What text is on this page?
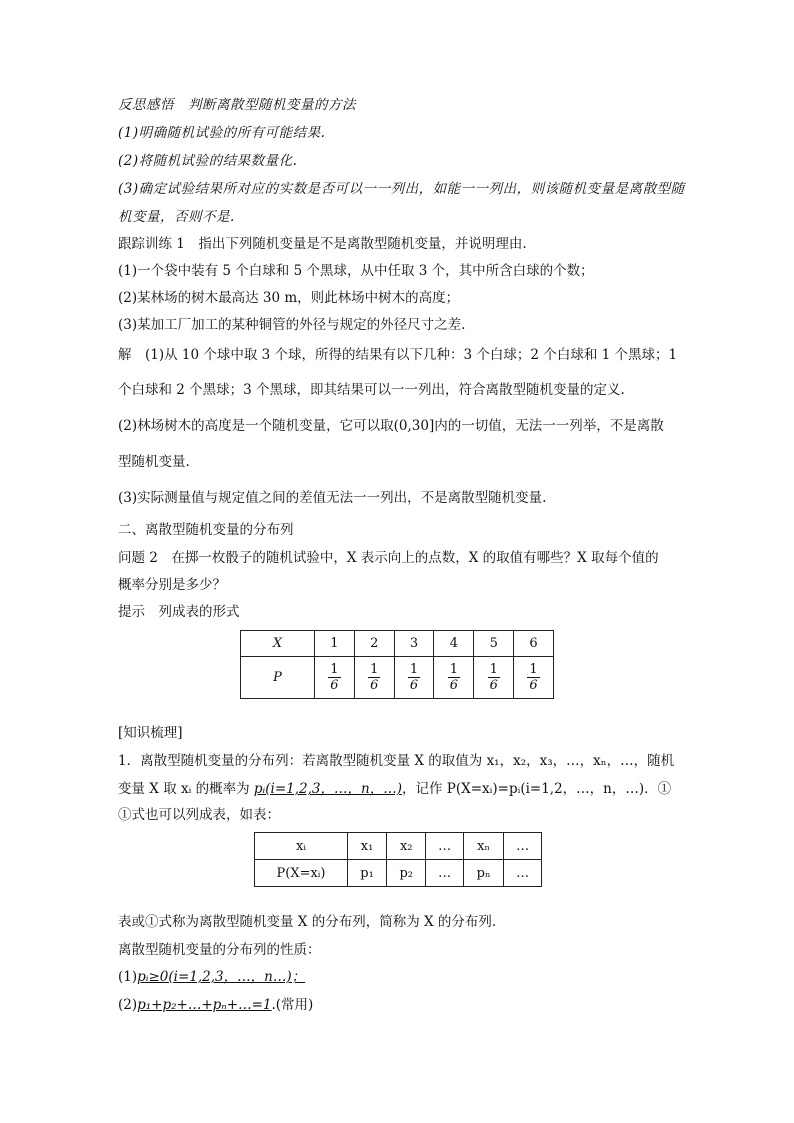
反思感悟　判断离散型随机变量的方法
(1)明确随机试验的所有可能结果.
(2)将随机试验的结果数量化.
(3)确定试验结果所对应的实数是否可以一一列出，如能一一列出，则该随机变量是离散型随
机变量，否则不是.
跟踪训练 1　指出下列随机变量是不是离散型随机变量，并说明理由.
(1)一个袋中装有 5 个白球和 5 个黑球，从中任取 3 个，其中所含白球的个数；
(2)某林场的树木最高达 30 m，则此林场中树木的高度；
(3)某加工厂加工的某种铜管的外径与规定的外径尺寸之差.
解　(1)从 10 个球中取 3 个球，所得的结果有以下几种：3 个白球；2 个白球和 1 个黑球；1
个白球和 2 个黑球；3 个黑球，即其结果可以一一列出，符合离散型随机变量的定义.
(2)林场树木的高度是一个随机变量，它可以取(0,30]内的一切值，无法一一列举，不是离散
型随机变量.
(3)实际测量值与规定值之间的差值无法一一列出，不是离散型随机变量.
二、离散型随机变量的分布列
问题 2　在掷一枚骰子的随机试验中，X 表示向上的点数，X 的取值有哪些？X 取每个值的
概率分别是多少？
提示　列成表的形式
X	1	2	3	4	5	6
P	$\frac{1}{6}$	$\frac{1}{6}$	$\frac{1}{6}$	$\frac{1}{6}$	$\frac{1}{6}$	$\frac{1}{6}$
[知识梳理]
1．离散型随机变量的分布列：若离散型随机变量 X 的取值为 x₁，x₂，x₃，…，xₙ，…，随机
变量 X 取 xᵢ 的概率为 pᵢ(i=1,2,3，…，n，…)，记作 P(X=xᵢ)=pᵢ(i=1,2，…，n，…)．①
①式也可以列成表，如表：
xᵢ	x₁	x₂	…	xₙ	…
P(X=xᵢ)	p₁	p₂	…	pₙ	…
表或①式称为离散型随机变量 X 的分布列，简称为 X 的分布列.
离散型随机变量的分布列的性质：
(1)pᵢ≥0(i=1,2,3，…，n…)；
(2)p₁+p₂+…+pₙ+…=1.(常用)
